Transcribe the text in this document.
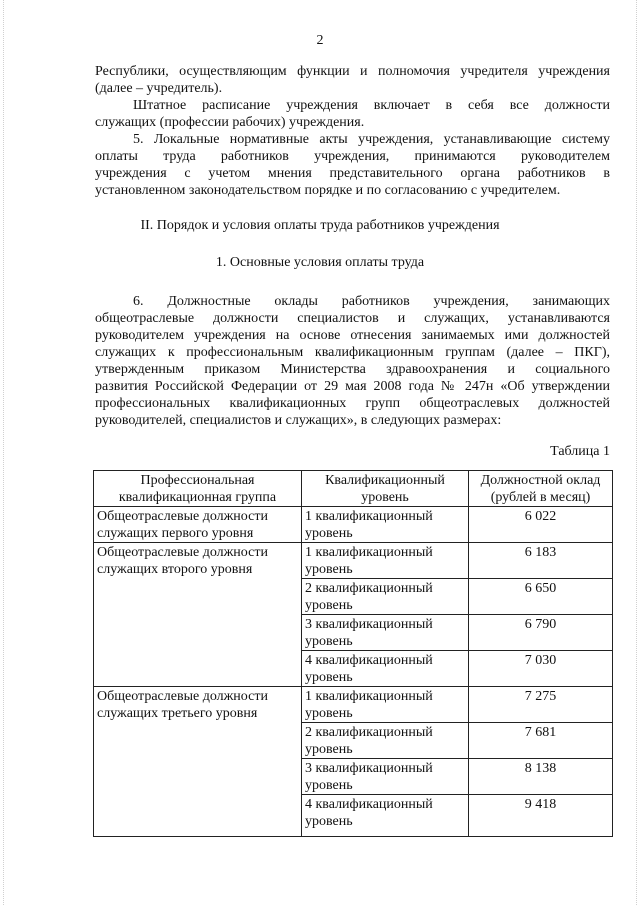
2
Республики, осуществляющим функции и полномочия учредителя учреждения
(далее – учредитель).
Штатное расписание учреждения включает в себя все должности
служащих (профессии рабочих) учреждения.
5. Локальные нормативные акты учреждения, устанавливающие систему
оплаты труда работников учреждения, принимаются руководителем
учреждения с учетом мнения представительного органа работников в
установленном законодательством порядке и по согласованию с учредителем.
II. Порядок и условия оплаты труда работников учреждения
1. Основные условия оплаты труда
6. Должностные оклады работников учреждения, занимающих
общеотраслевые должности специалистов и служащих, устанавливаются
руководителем учреждения на основе отнесения занимаемых ими должностей
служащих к профессиональным квалификационным группам (далее – ПКГ),
утвержденным приказом Министерства здравоохранения и социального
развития Российской Федерации от 29 мая 2008 года № 247н «Об утверждении
профессиональных квалификационных групп общеотраслевых должностей
руководителей, специалистов и служащих», в следующих размерах:
Таблица 1
Профессиональная квалификационная группа	Квалификационный уровень	Должностной оклад (рублей в месяц)
Общеотраслевые должности служащих первого уровня	1 квалификационный уровень	6 022
Общеотраслевые должности служащих второго уровня	1 квалификационный уровень	6 183
	2 квалификационный уровень	6 650
	3 квалификационный уровень	6 790
	4 квалификационный уровень	7 030
Общеотраслевые должности служащих третьего уровня	1 квалификационный уровень	7 275
	2 квалификационный уровень	7 681
	3 квалификационный уровень	8 138
	4 квалификационный уровень	9 418
